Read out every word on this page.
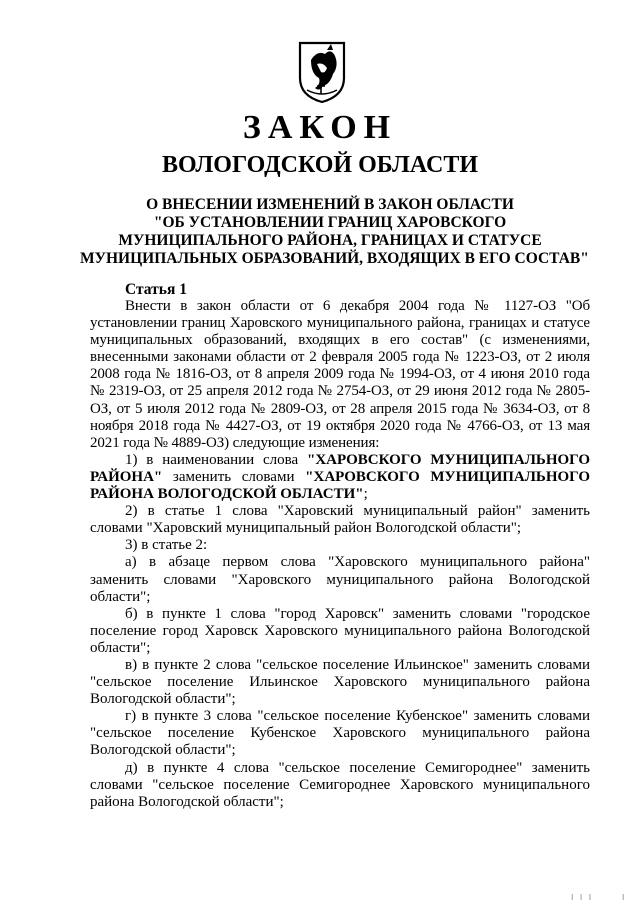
ЗАКОН
ВОЛОГОДСКОЙ ОБЛАСТИ
О ВНЕСЕНИИ ИЗМЕНЕНИЙ В ЗАКОН ОБЛАСТИ
"ОБ УСТАНОВЛЕНИИ ГРАНИЦ ХАРОВСКОГО
МУНИЦИПАЛЬНОГО РАЙОНА, ГРАНИЦАХ И СТАТУСЕ
МУНИЦИПАЛЬНЫХ ОБРАЗОВАНИЙ, ВХОДЯЩИХ В ЕГО СОСТАВ"
Статья 1

Внести в закон области от 6 декабря 2004 года № 1127-ОЗ "Об установлении границ Харовского муниципального района, границах и статусе муниципальных образований, входящих в его состав" (с изменениями, внесенными законами области от 2 февраля 2005 года № 1223-ОЗ, от 2 июля 2008 года № 1816-ОЗ, от 8 апреля 2009 года № 1994-ОЗ, от 4 июня 2010 года № 2319-ОЗ, от 25 апреля 2012 года № 2754-ОЗ, от 29 июня 2012 года № 2805-ОЗ, от 5 июля 2012 года № 2809-ОЗ, от 28 апреля 2015 года № 3634-ОЗ, от 8 ноября 2018 года № 4427-ОЗ, от 19 октября 2020 года № 4766-ОЗ, от 13 мая 2021 года № 4889-ОЗ) следующие изменения:

1) в наименовании слова "ХАРОВСКОГО МУНИЦИПАЛЬНОГО РАЙОНА" заменить словами "ХАРОВСКОГО МУНИЦИПАЛЬНОГО РАЙОНА ВОЛОГОДСКОЙ ОБЛАСТИ";

2) в статье 1 слова "Харовский муниципальный район" заменить словами "Харовский муниципальный район Вологодской области";

3) в статье 2:

а) в абзаце первом слова "Харовского муниципального района" заменить словами "Харовского муниципального района Вологодской области";

б) в пункте 1 слова "город Харовск" заменить словами "городское поселение город Харовск Харовского муниципального района Вологодской области";

в) в пункте 2 слова "сельское поселение Ильинское" заменить словами "сельское поселение Ильинское Харовского муниципального района Вологодской области";

г) в пункте 3 слова "сельское поселение Кубенское" заменить словами "сельское поселение Кубенское Харовского муниципального района Вологодской области";

д) в пункте 4 слова "сельское поселение Семигороднее" заменить словами "сельское поселение Семигороднее Харовского муниципального района Вологодской области";

I I I	I
